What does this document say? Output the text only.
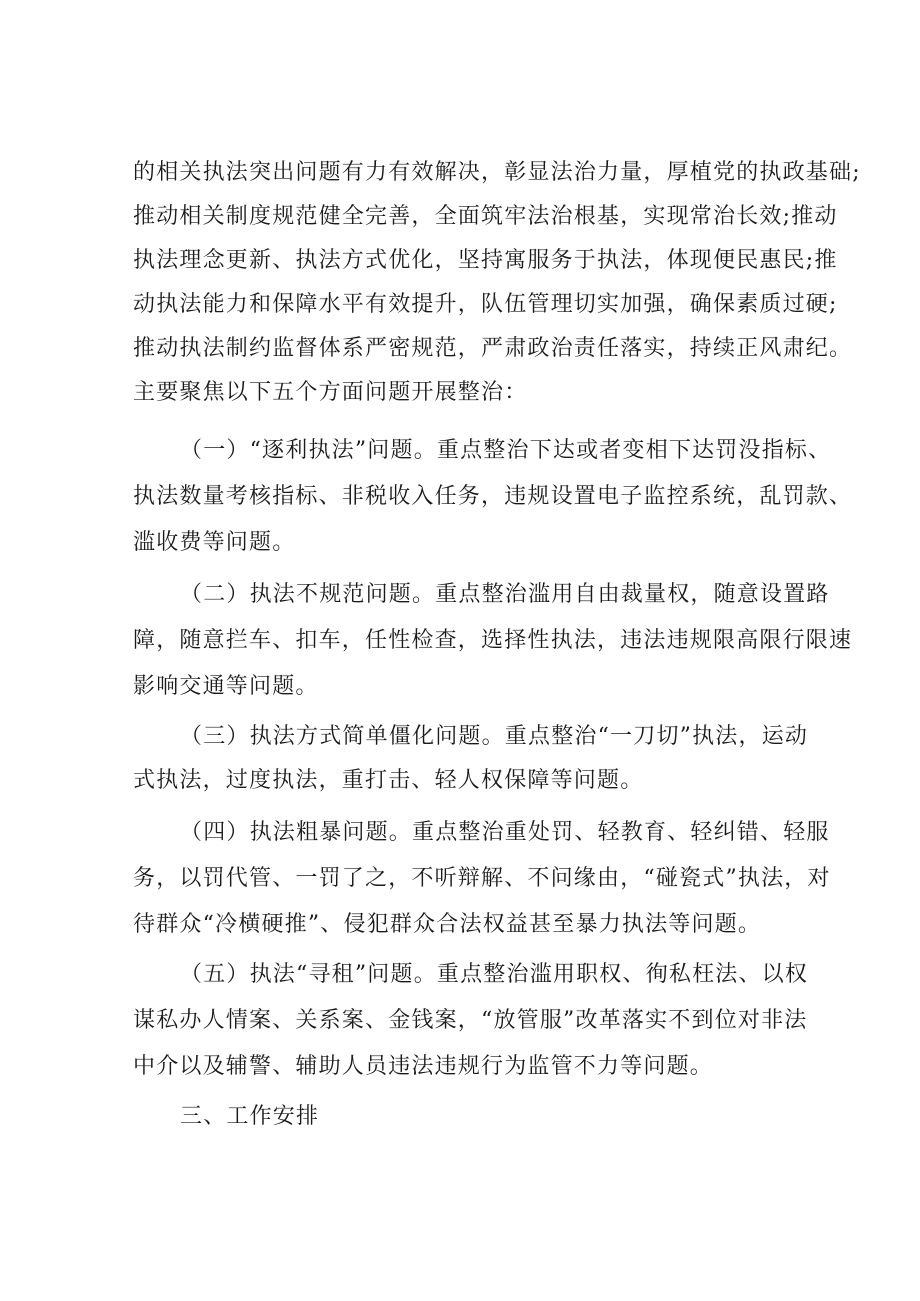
的相关执法突出问题有力有效解决，彰显法治力量，厚植党的执政基础;
推动相关制度规范健全完善，全面筑牢法治根基，实现常治长效;推动
执法理念更新、执法方式优化，坚持寓服务于执法，体现便民惠民;推
动执法能力和保障水平有效提升，队伍管理切实加强，确保素质过硬;
推动执法制约监督体系严密规范，严肃政治责任落实，持续正风肃纪。
主要聚焦以下五个方面问题开展整治：
（一）“逐利执法”问题。重点整治下达或者变相下达罚没指标、
执法数量考核指标、非税收入任务，违规设置电子监控系统，乱罚款、
滥收费等问题。
（二）执法不规范问题。重点整治滥用自由裁量权，随意设置路
障，随意拦车、扣车，任性检查，选择性执法，违法违规限高限行限速
影响交通等问题。
（三）执法方式简单僵化问题。重点整治“一刀切”执法，运动
式执法，过度执法，重打击、轻人权保障等问题。
（四）执法粗暴问题。重点整治重处罚、轻教育、轻纠错、轻服
务，以罚代管、一罚了之，不听辩解、不问缘由，“碰瓷式”执法，对
待群众“冷横硬推”、侵犯群众合法权益甚至暴力执法等问题。
（五）执法“寻租”问题。重点整治滥用职权、徇私枉法、以权
谋私办人情案、关系案、金钱案，“放管服”改革落实不到位对非法
中介以及辅警、辅助人员违法违规行为监管不力等问题。
三、工作安排
